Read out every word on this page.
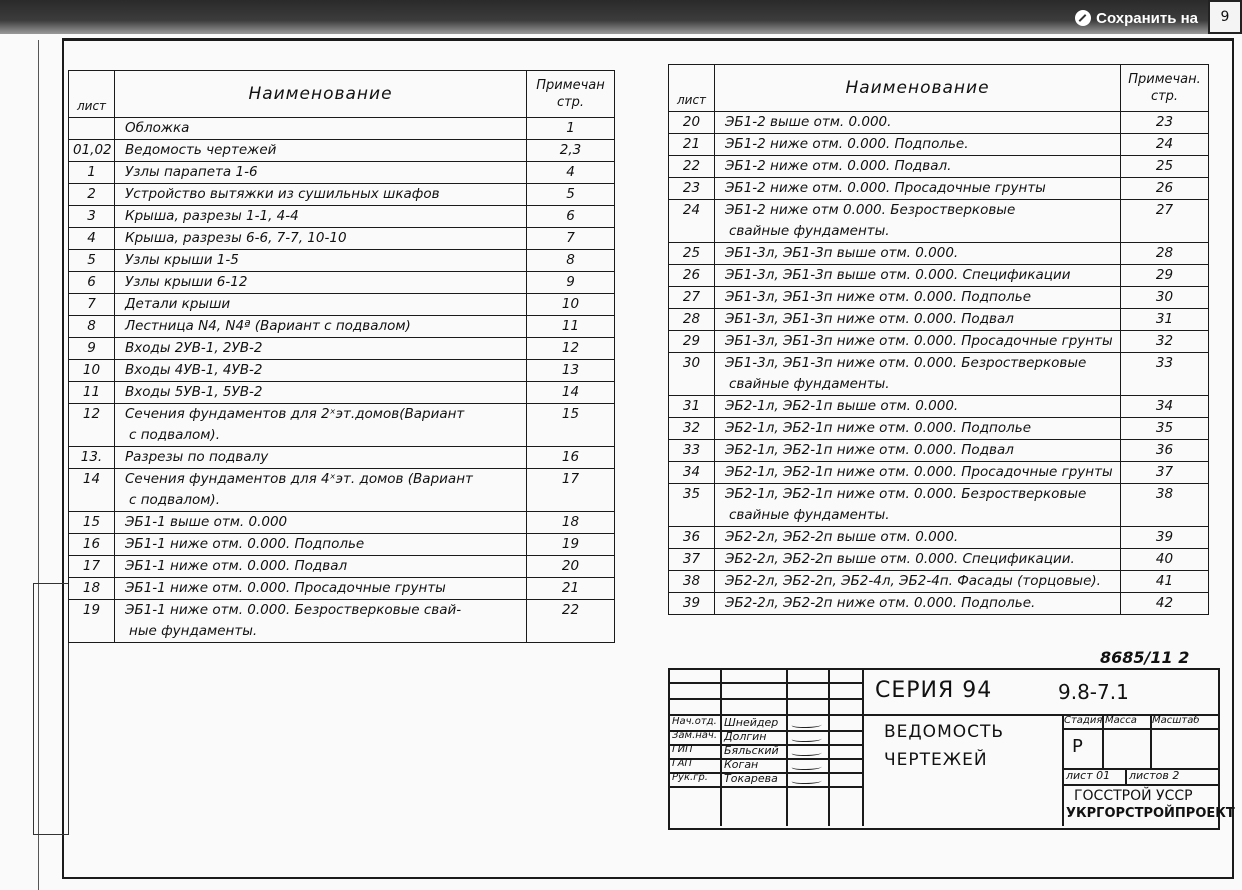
Сохранить на 9
лист	Наименование	Примечан стр.
	Обложка	1
01,02	Ведомость чертежей	2,3
1	Узлы парапета 1-6	4
2	Устройство вытяжки из сушильных шкафов	5
3	Крыша, разрезы 1-1, 4-4	6
4	Крыша, разрезы 6-6, 7-7, 10-10	7
5	Узлы крыши 1-5	8
6	Узлы крыши 6-12	9
7	Детали крыши	10
8	Лестница N4, N4ª (Вариант с подвалом)	11
9	Входы 2УВ-1, 2УВ-2	12
10	Входы 4УВ-1, 4УВ-2	13
11	Входы 5УВ-1, 5УВ-2	14
12	Сечения фундаментов для 2ˣэт.домов(Вариант	15
	с подвалом).	
13.	Разрезы по подвалу	16
14	Сечения фундаментов для 4ˣэт. домов (Вариант	17
	с подвалом).	
15	ЭБ1-1 выше отм. 0.000	18
16	ЭБ1-1 ниже отм. 0.000. Подполье	19
17	ЭБ1-1 ниже отм. 0.000. Подвал	20
18	ЭБ1-1 ниже отм. 0.000. Просадочные грунты	21
19	ЭБ1-1 ниже отм. 0.000. Безростверковые свай-	22
	ные фундаменты.	
лист	Наименование	Примечан. стр.
20	ЭБ1-2 выше отм. 0.000.	23
21	ЭБ1-2 ниже отм. 0.000. Подполье.	24
22	ЭБ1-2 ниже отм. 0.000. Подвал.	25
23	ЭБ1-2 ниже отм. 0.000. Просадочные грунты	26
24	ЭБ1-2 ниже отм 0.000. Безростверковые	27
	свайные фундаменты.	
25	ЭБ1-3л, ЭБ1-3п выше отм. 0.000.	28
26	ЭБ1-3л, ЭБ1-3п выше отм. 0.000. Спецификации	29
27	ЭБ1-3л, ЭБ1-3п ниже отм. 0.000. Подполье	30
28	ЭБ1-3л, ЭБ1-3п ниже отм. 0.000. Подвал	31
29	ЭБ1-3л, ЭБ1-3п ниже отм. 0.000. Просадочные грунты	32
30	ЭБ1-3л, ЭБ1-3п ниже отм. 0.000. Безростверковые	33
	свайные фундаменты.	
31	ЭБ2-1л, ЭБ2-1п выше отм. 0.000.	34
32	ЭБ2-1л, ЭБ2-1п ниже отм. 0.000. Подполье	35
33	ЭБ2-1л, ЭБ2-1п ниже отм. 0.000. Подвал	36
34	ЭБ2-1л, ЭБ2-1п ниже отм. 0.000. Просадочные грунты	37
35	ЭБ2-1л, ЭБ2-1п ниже отм. 0.000. Безростверковые	38
	свайные фундаменты.	
36	ЭБ2-2л, ЭБ2-2п выше отм. 0.000.	39
37	ЭБ2-2л, ЭБ2-2п выше отм. 0.000. Спецификации.	40
38	ЭБ2-2л, ЭБ2-2п, ЭБ2-4л, ЭБ2-4п. Фасады (торцовые).	41
39	ЭБ2-2л, ЭБ2-2п ниже отм. 0.000. Подполье.	42
8685/11 2
СЕРИЯ 94	9.8-7.1
ВЕДОМОСТЬ
ЧЕРТЕЖЕЙ
Стадия Масса Масштаб
Р
лист 01 листов 2
ГОССТРОЙ УССР
УКРГОРСТРОЙПРОЕКТ
Нач.отд. Шнейдер
Зам.нач. Долгин
ГИП	Бяльский
ГАП	Коган
Рук.гр. Токарева
